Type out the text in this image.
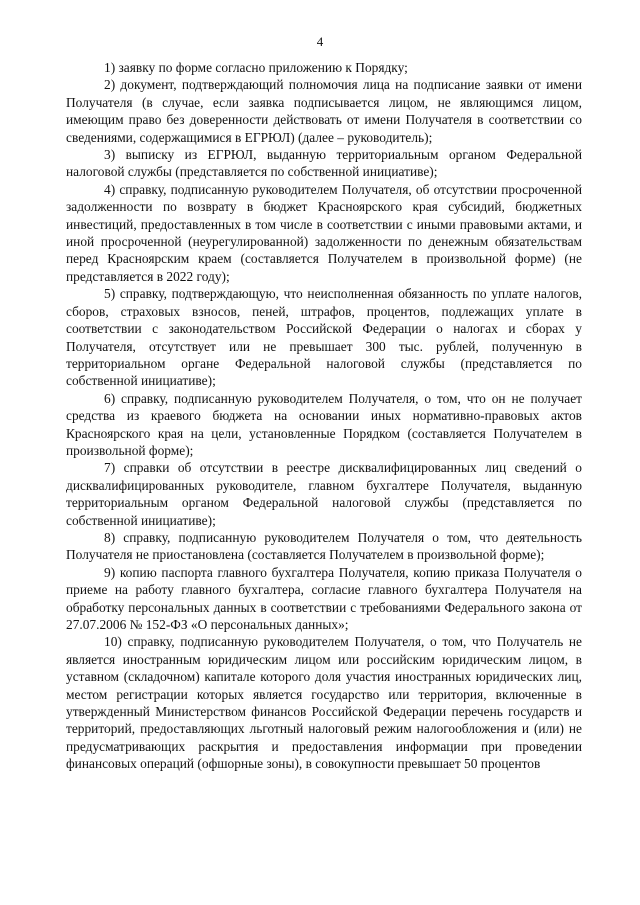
4

1) заявку по форме согласно приложению к Порядку;

2) документ, подтверждающий полномочия лица на подписание заявки от имени Получателя (в случае, если заявка подписывается лицом, не являющимся лицом, имеющим право без доверенности действовать от имени Получателя в соответствии со сведениями, содержащимися в ЕГРЮЛ) (далее – руководитель);

3) выписку из ЕГРЮЛ, выданную территориальным органом Федеральной налоговой службы (представляется по собственной инициативе);

4) справку, подписанную руководителем Получателя, об отсутствии просроченной задолженности по возврату в бюджет Красноярского края субсидий, бюджетных инвестиций, предоставленных в том числе в соответствии с иными правовыми актами, и иной просроченной (неурегулированной) задолженности по денежным обязательствам перед Красноярским краем (составляется Получателем в произвольной форме) (не представляется в 2022 году);

5) справку, подтверждающую, что неисполненная обязанность по уплате налогов, сборов, страховых взносов, пеней, штрафов, процентов, подлежащих уплате в соответствии с законодательством Российской Федерации о налогах и сборах у Получателя, отсутствует или не превышает 300 тыс. рублей, полученную в территориальном органе Федеральной налоговой службы (представляется по собственной инициативе);

6) справку, подписанную руководителем Получателя, о том, что он не получает средства из краевого бюджета на основании иных нормативно-правовых актов Красноярского края на цели, установленные Порядком (составляется Получателем в произвольной форме);

7) справки об отсутствии в реестре дисквалифицированных лиц сведений о дисквалифицированных руководителе, главном бухгалтере Получателя, выданную территориальным органом Федеральной налоговой службы (представляется по собственной инициативе);

8) справку, подписанную руководителем Получателя о том, что деятельность Получателя не приостановлена (составляется Получателем в произвольной форме);

9) копию паспорта главного бухгалтера Получателя, копию приказа Получателя о приеме на работу главного бухгалтера, согласие главного бухгалтера Получателя на обработку персональных данных в соответствии с требованиями Федерального закона от 27.07.2006 № 152-ФЗ «О персональных данных»;

10) справку, подписанную руководителем Получателя, о том, что Получатель не является иностранным юридическим лицом или российским юридическим лицом, в уставном (складочном) капитале которого доля участия иностранных юридических лиц, местом регистрации которых является государство или территория, включенные в утвержденный Министерством финансов Российской Федерации перечень государств и территорий, предоставляющих льготный налоговый режим налогообложения и (или) не предусматривающих раскрытия и предоставления информации при проведении финансовых операций (офшорные зоны), в совокупности превышает 50 процентов
